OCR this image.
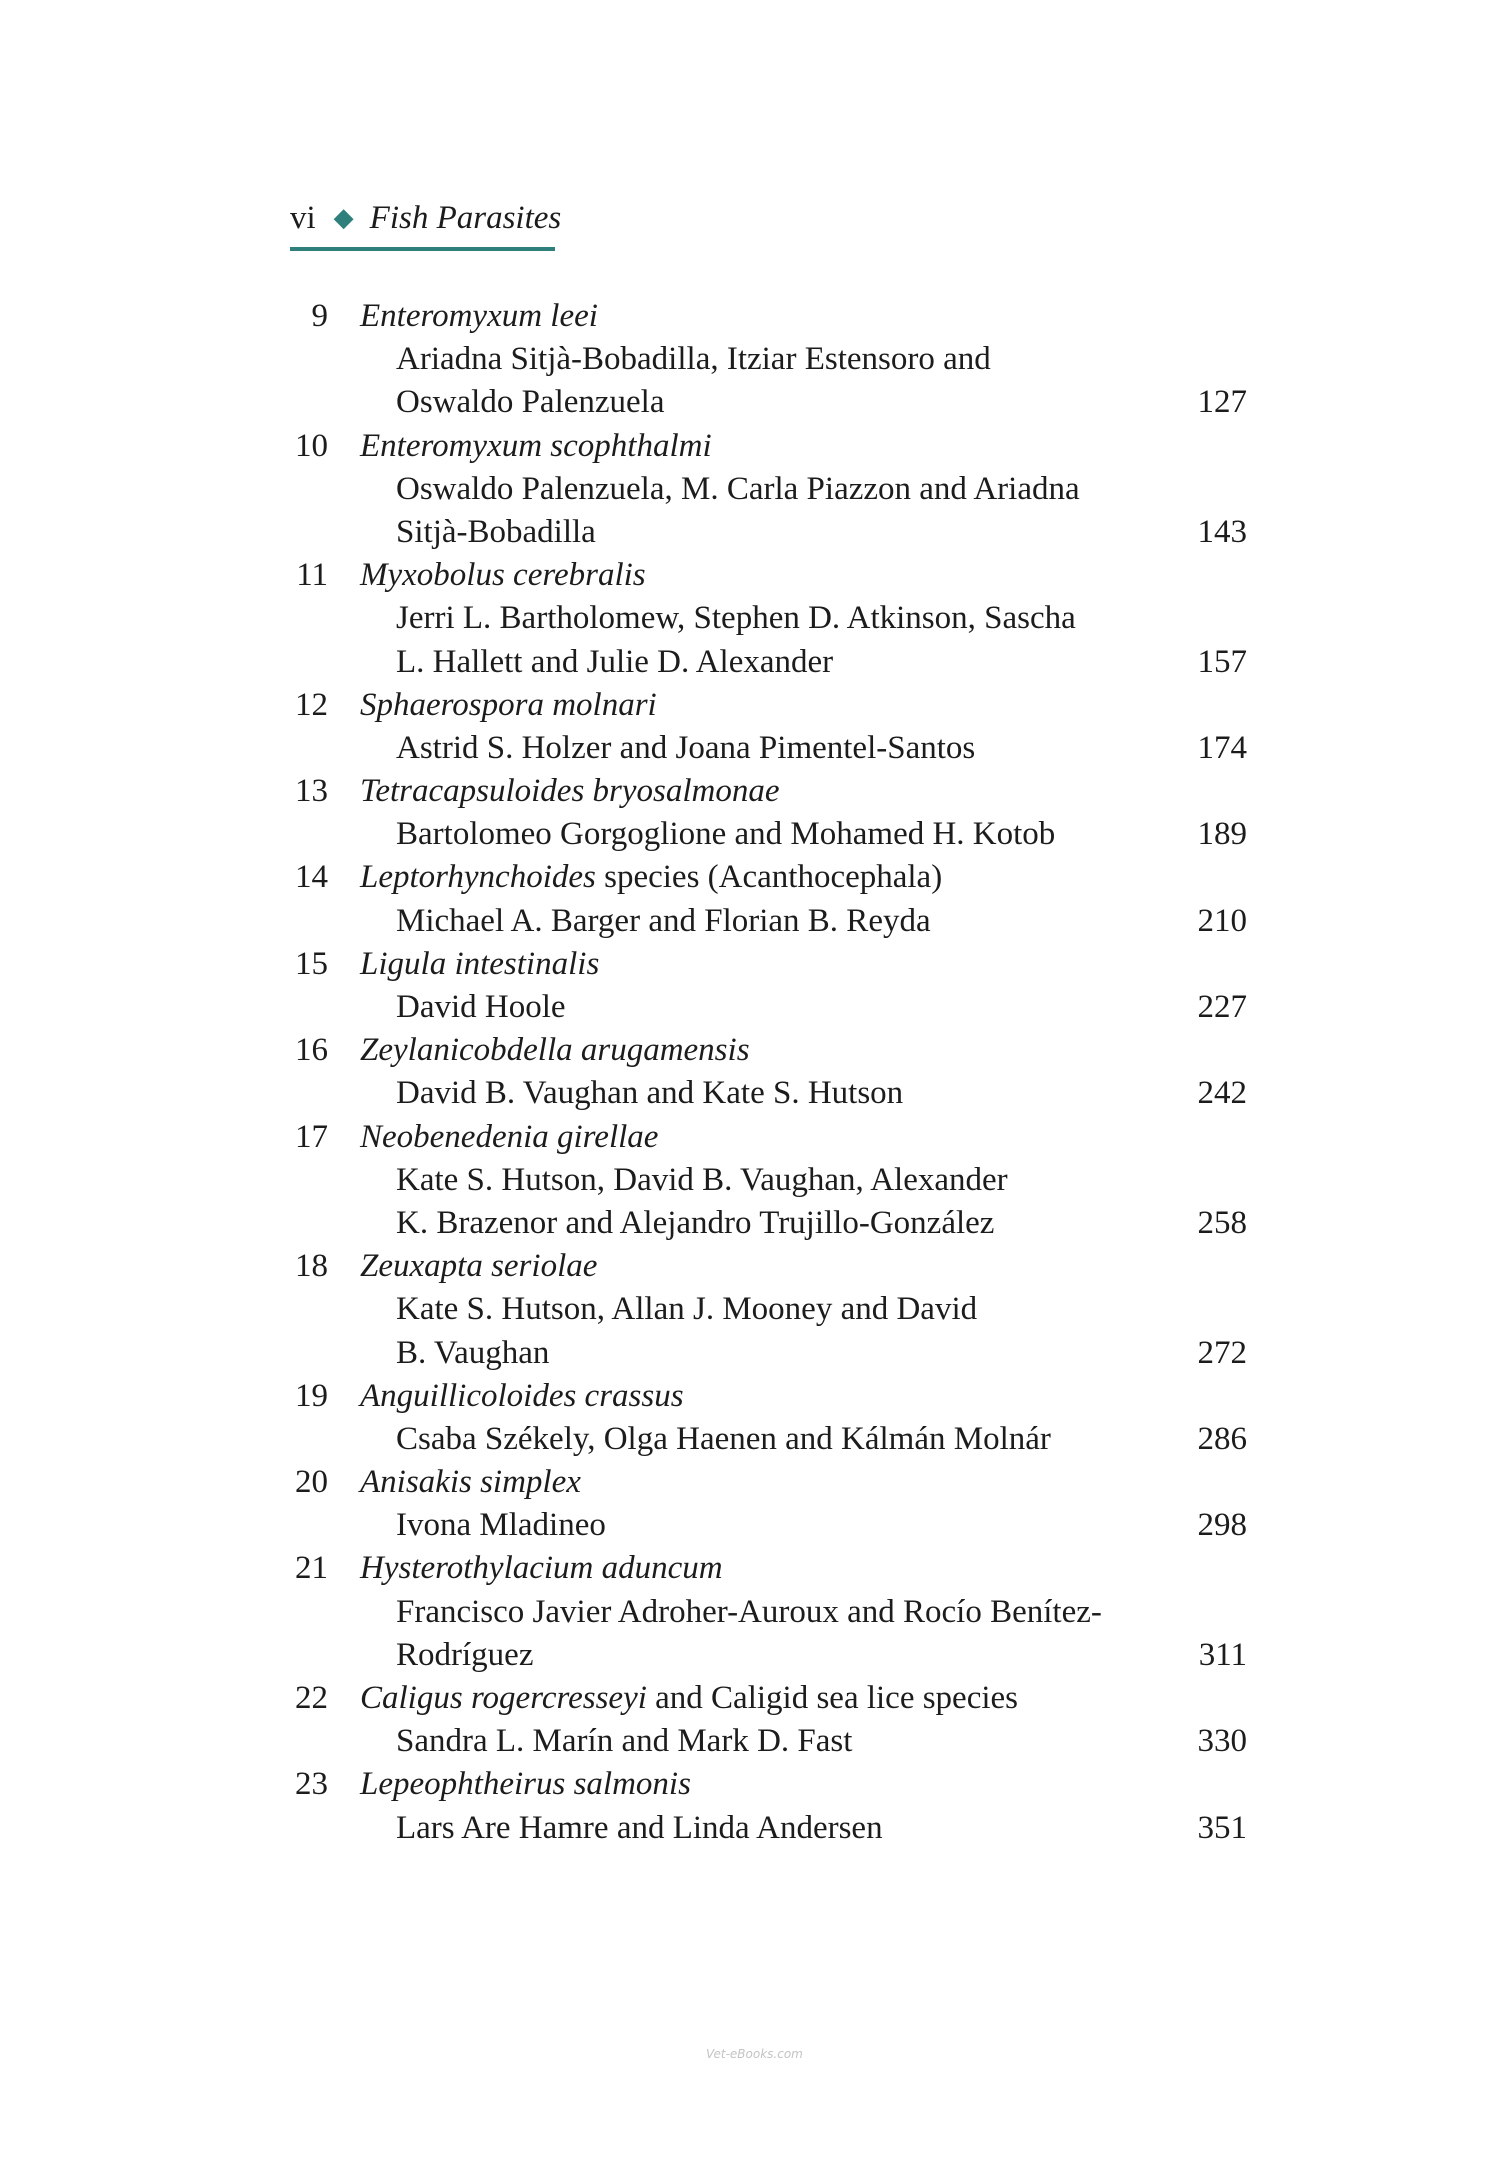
vi ◆ Fish Parasites
9 Enteromyxum leei
Ariadna Sitjà-Bobadilla, Itziar Estensoro and
Oswaldo Palenzuela	127
10 Enteromyxum scophthalmi
Oswaldo Palenzuela, M. Carla Piazzon and Ariadna
Sitjà-Bobadilla	143
11 Myxobolus cerebralis
Jerri L. Bartholomew, Stephen D. Atkinson, Sascha
L. Hallett and Julie D. Alexander	157
12 Sphaerospora molnari
Astrid S. Holzer and Joana Pimentel-Santos	174
13 Tetracapsuloides bryosalmonae
Bartolomeo Gorgoglione and Mohamed H. Kotob	189
14 Leptorhynchoides species (Acanthocephala)
Michael A. Barger and Florian B. Reyda	210
15 Ligula intestinalis
David Hoole	227
16 Zeylanicobdella arugamensis
David B. Vaughan and Kate S. Hutson	242
17 Neobenedenia girellae
Kate S. Hutson, David B. Vaughan, Alexander
K. Brazenor and Alejandro Trujillo-González	258
18 Zeuxapta seriolae
Kate S. Hutson, Allan J. Mooney and David
B. Vaughan	272
19 Anguillicoloides crassus
Csaba Székely, Olga Haenen and Kálmán Molnár	286
20 Anisakis simplex
Ivona Mladineo	298
21 Hysterothylacium aduncum
Francisco Javier Adroher-Auroux and Rocío Benítez-
Rodríguez	311
22 Caligus rogercresseyi and Caligid sea lice species
Sandra L. Marín and Mark D. Fast	330
23 Lepeophtheirus salmonis
Lars Are Hamre and Linda Andersen	351
Vet-eBooks.com
